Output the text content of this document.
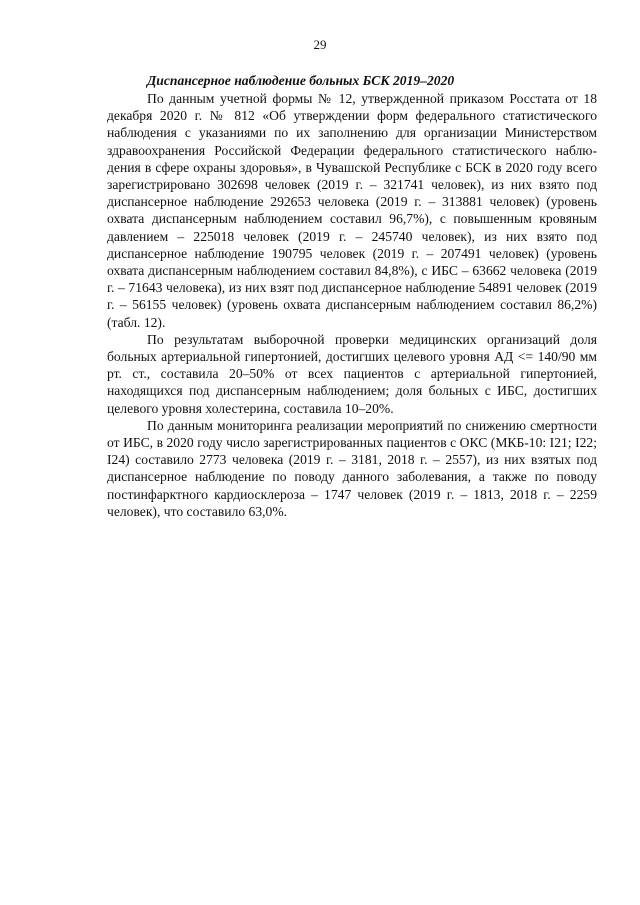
29

Диспансерное наблюдение больных БСК 2019–2020

По данным учетной формы № 12, утвержденной приказом Росстата от 18 декабря 2020 г. № 812 «Об утверждении форм федерального статистического наблюдения с указаниями по их заполнению для организации Министерством здравоохранения Российской Федерации федерального статистического наблюдения в сфере охраны здоровья», в Чувашской Республике с БСК в 2020 году всего зарегистрировано 302698 человек (2019 г. – 321741 человек), из них взято под диспансерное наблюдение 292653 человека (2019 г. – 313881 человек) (уровень охвата диспансерным наблюдением составил 96,7%), с повышенным кровяным давлением – 225018 человек (2019 г. – 245740 человек), из них взято под диспансерное наблюдение 190795 человек (2019 г. – 207491 человек) (уровень охвата диспансерным наблюдением составил 84,8%), с ИБС – 63662 человека (2019 г. – 71643 человека), из них взят под диспансерное наблюдение 54891 человек (2019 г. – 56155 человек) (уровень охвата диспансерным наблюдением составил 86,2%) (табл. 12).

По результатам выборочной проверки медицинских организаций доля больных артериальной гипертонией, достигших целевого уровня АД <= 140/90 мм рт. ст., составила 20–50% от всех пациентов с артериальной гипертонией, находящихся под диспансерным наблюдением; доля больных с ИБС, достигших целевого уровня холестерина, составила 10–20%.

По данным мониторинга реализации мероприятий по снижению смертности от ИБС, в 2020 году число зарегистрированных пациентов с ОКС (МКБ-10: I21; I22; I24) составило 2773 человека (2019 г. – 3181, 2018 г. – 2557), из них взятых под диспансерное наблюдение по поводу данного заболевания, а также по поводу постинфарктного кардиосклероза – 1747 человек (2019 г. – 1813, 2018 г. – 2259 человек), что составило 63,0%.
